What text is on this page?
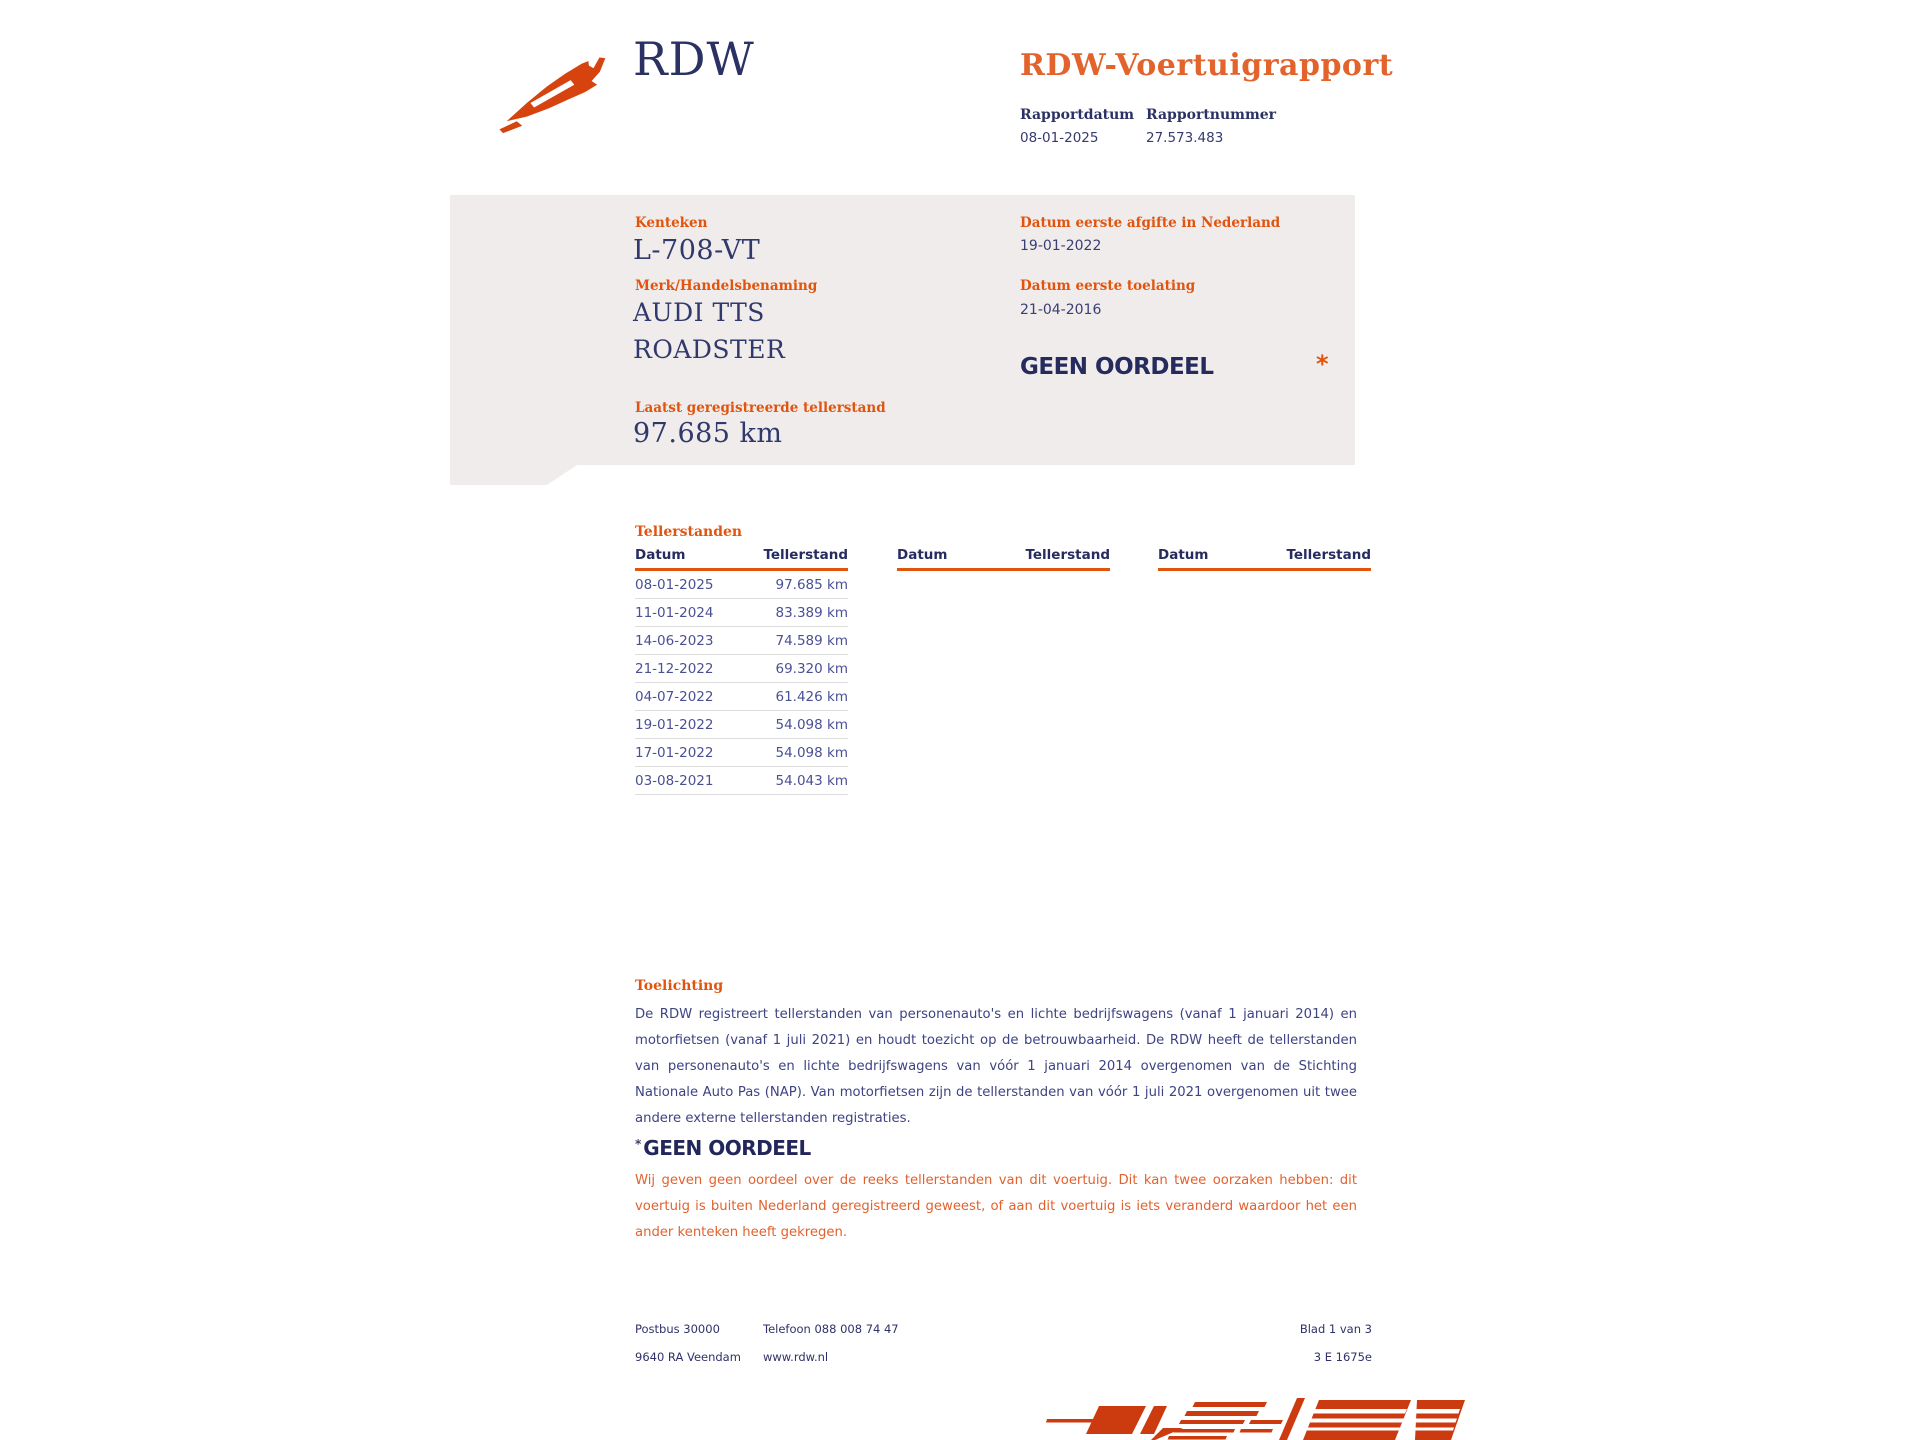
RDW	RDW-Voertuigrapport
Rapportdatum Rapportnummer
08-01-2025	27.573.483
Kenteken
L-708-VT
Merk/Handelsbenaming
AUDI TTS
ROADSTER
Laatst geregistreerde tellerstand
97.685 km
Datum eerste afgifte in Nederland
19-01-2022
Datum eerste toelating
21-04-2016
GEEN OORDEEL	*
Tellerstanden
Datum	Tellerstand
08-01-2025	97.685 km
11-01-2024	83.389 km
14-06-2023	74.589 km
21-12-2022	69.320 km
04-07-2022	61.426 km
19-01-2022	54.098 km
17-01-2022	54.098 km
03-08-2021	54.043 km
Datum	Tellerstand	Datum	Tellerstand
Toelichting
De RDW registreert tellerstanden van personenauto's en lichte bedrijfswagens (vanaf 1 januari 2014) en motorfietsen (vanaf 1 juli 2021) en houdt toezicht op de betrouwbaarheid. De RDW heeft de tellerstanden van personenauto's en lichte bedrijfswagens van vóór 1 januari 2014 overgenomen van de Stichting Nationale Auto Pas (NAP). Van motorfietsen zijn de tellerstanden van vóór 1 juli 2021 overgenomen uit twee andere externe tellerstanden registraties.
* GEEN OORDEEL
Wij geven geen oordeel over de reeks tellerstanden van dit voertuig. Dit kan twee oorzaken hebben: dit voertuig is buiten Nederland geregistreerd geweest, of aan dit voertuig is iets veranderd waardoor het een ander kenteken heeft gekregen.
Postbus 30000
9640 RA Veendam
Telefoon 088 008 74 47
www.rdw.nl
Blad 1 van 3
3 E 1675e
